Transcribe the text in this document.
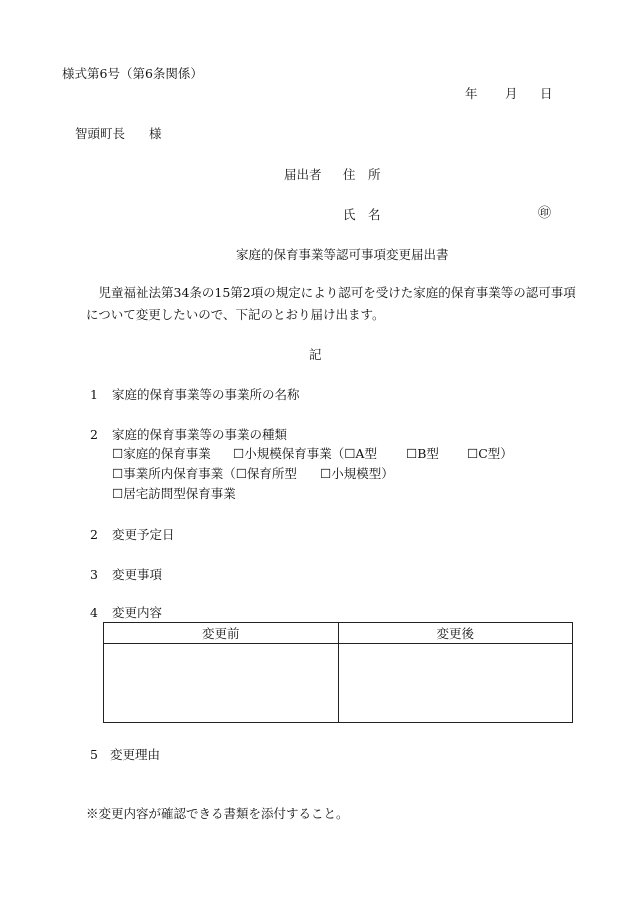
様式第6号（第6条関係）
年 月 日
智頭町長 様
届出者 住　所
氏　名	㊞
家庭的保育事業等認可事項変更届出書
児童福祉法第34条の15第2項の規定により認可を受けた家庭的保育事業等の認可事項について変更したいので、下記のとおり届け出ます。
記
1 家庭的保育事業等の事業所の名称
2 家庭的保育事業等の事業の種類
☐家庭的保育事業 ☐小規模保育事業（☐A型 ☐B型 ☐C型）
☐事業所内保育事業（☐保育所型 ☐小規模型）
☐居宅訪問型保育事業
2 変更予定日
3 変更事項
4 変更内容
変更前	変更後

5 変更理由
※変更内容が確認できる書類を添付すること。
